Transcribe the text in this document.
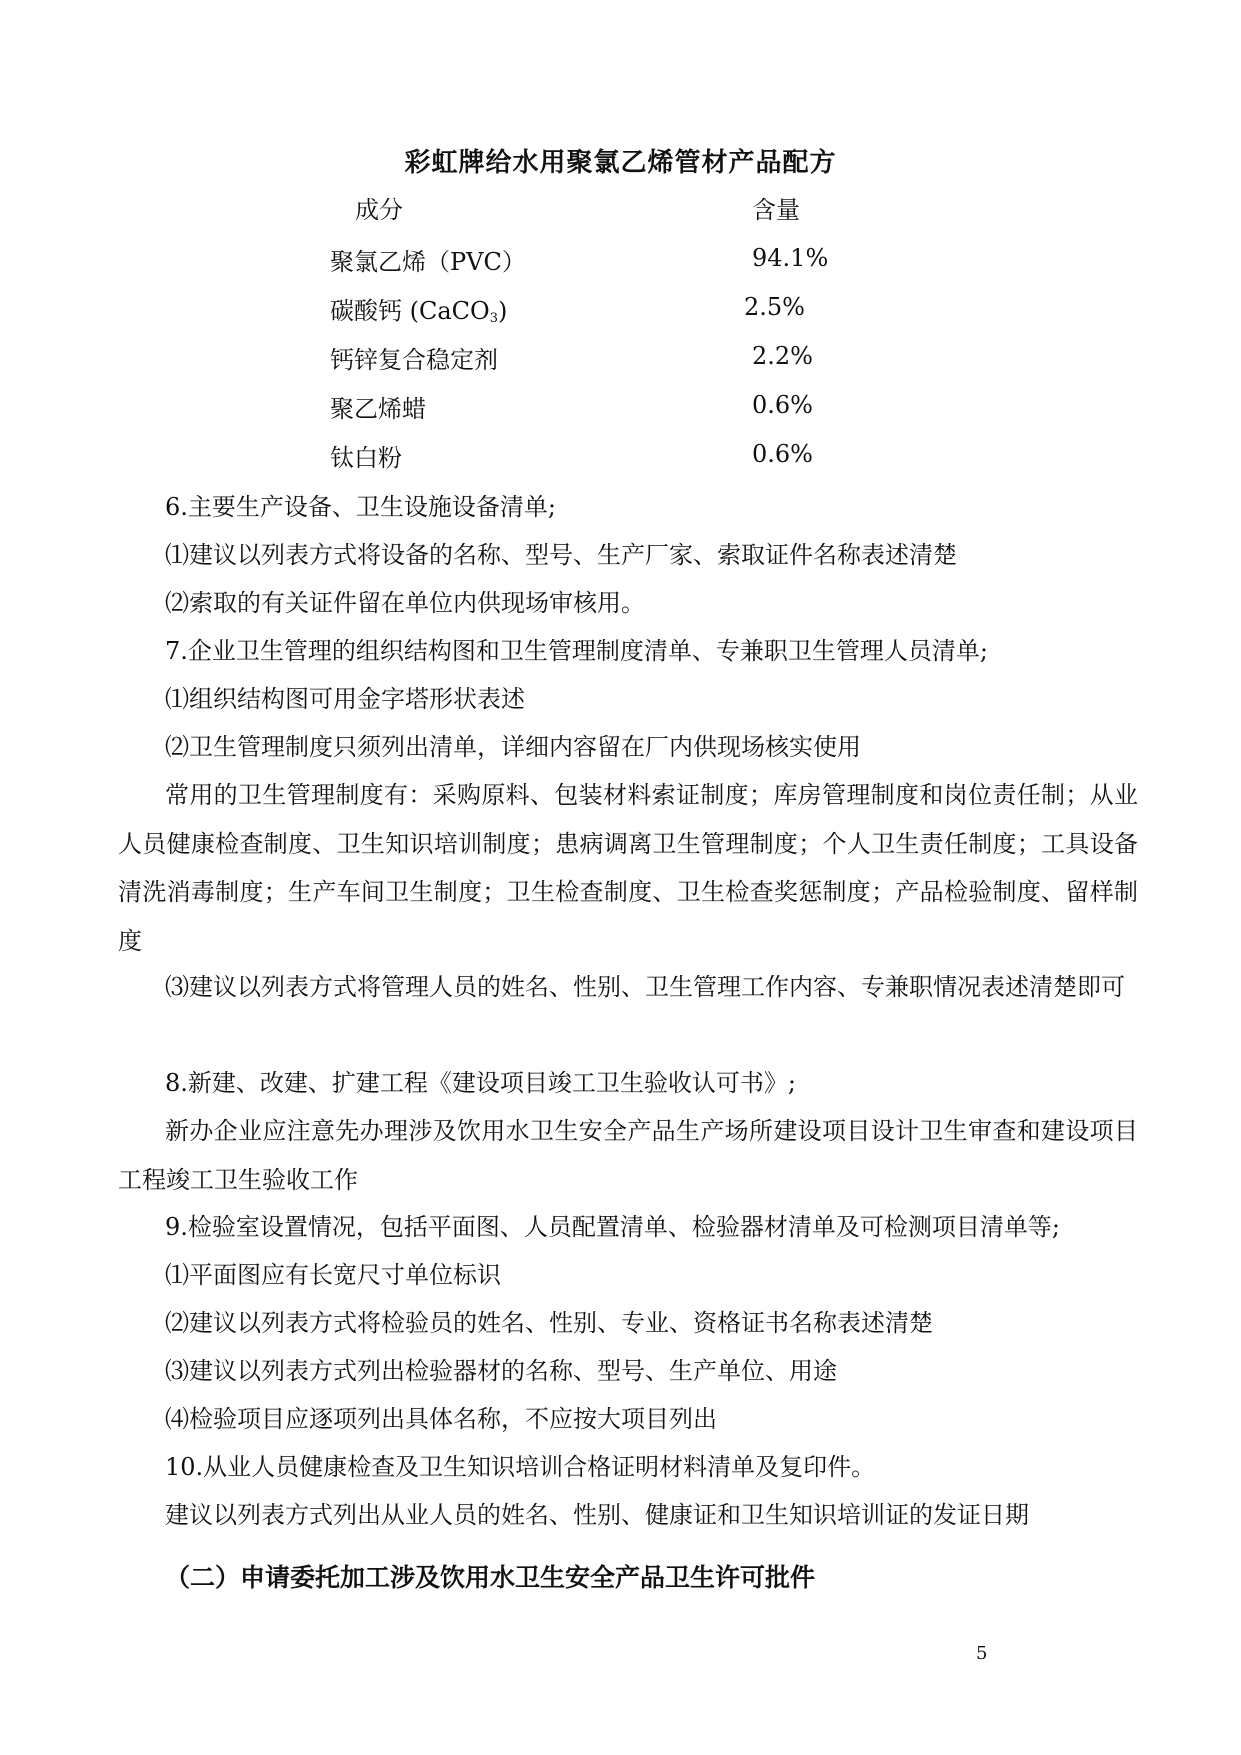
彩虹牌给水用聚氯乙烯管材产品配方
成分	含量
聚氯乙烯（PVC）	94.1%
碳酸钙 (CaCO$_3$)	2.5%
钙锌复合稳定剂	2.2%
聚乙烯蜡	0.6%
钛白粉	0.6%
6.主要生产设备、卫生设施设备清单;
⑴建议以列表方式将设备的名称、型号、生产厂家、索取证件名称表述清楚
⑵索取的有关证件留在单位内供现场审核用。
7.企业卫生管理的组织结构图和卫生管理制度清单、专兼职卫生管理人员清单;
⑴组织结构图可用金字塔形状表述
⑵卫生管理制度只须列出清单，详细内容留在厂内供现场核实使用
常用的卫生管理制度有：采购原料、包装材料索证制度；库房管理制度和岗位责任制；从业人员健康检查制度、卫生知识培训制度；患病调离卫生管理制度；个人卫生责任制度；工具设备清洗消毒制度；生产车间卫生制度；卫生检查制度、卫生检查奖惩制度；产品检验制度、留样制度
⑶建议以列表方式将管理人员的姓名、性别、卫生管理工作内容、专兼职情况表述清楚即可
8.新建、改建、扩建工程《建设项目竣工卫生验收认可书》;
新办企业应注意先办理涉及饮用水卫生安全产品生产场所建设项目设计卫生审查和建设项目工程竣工卫生验收工作
9.检验室设置情况，包括平面图、人员配置清单、检验器材清单及可检测项目清单等;
⑴平面图应有长宽尺寸单位标识
⑵建议以列表方式将检验员的姓名、性别、专业、资格证书名称表述清楚
⑶建议以列表方式列出检验器材的名称、型号、生产单位、用途
⑷检验项目应逐项列出具体名称，不应按大项目列出
10.从业人员健康检查及卫生知识培训合格证明材料清单及复印件。
建议以列表方式列出从业人员的姓名、性别、健康证和卫生知识培训证的发证日期
（二）申请委托加工涉及饮用水卫生安全产品卫生许可批件
5
